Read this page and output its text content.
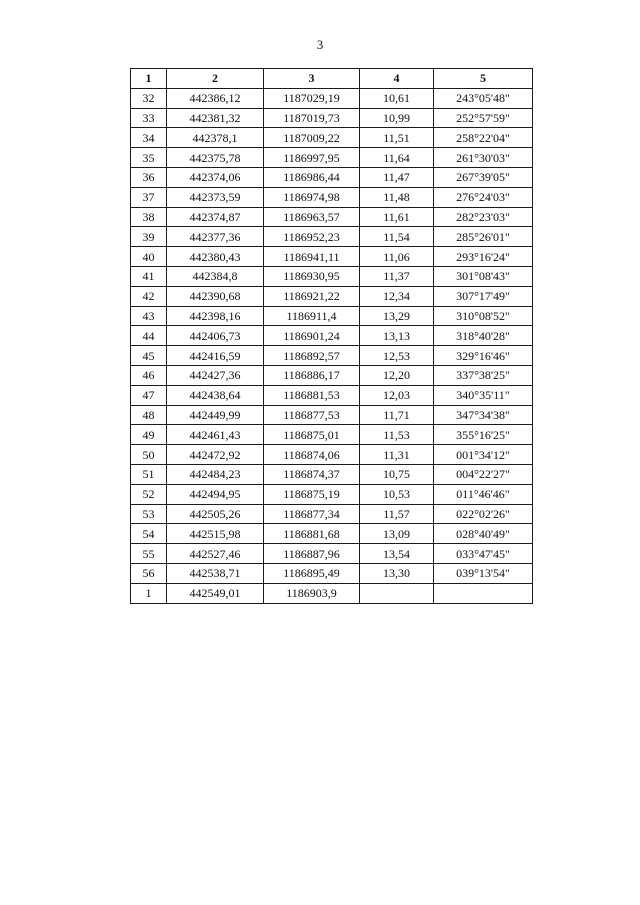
3
1	2	3	4	5
32	442386,12	1187029,19	10,61	243°05'48"
33	442381,32	1187019,73	10,99	252°57'59"
34	442378,1	1187009,22	11,51	258°22'04"
35	442375,78	1186997,95	11,64	261°30'03"
36	442374,06	1186986,44	11,47	267°39'05"
37	442373,59	1186974,98	11,48	276°24'03"
38	442374,87	1186963,57	11,61	282°23'03"
39	442377,36	1186952,23	11,54	285°26'01"
40	442380,43	1186941,11	11,06	293°16'24"
41	442384,8	1186930,95	11,37	301°08'43"
42	442390,68	1186921,22	12,34	307°17'49"
43	442398,16	1186911,4	13,29	310°08'52"
44	442406,73	1186901,24	13,13	318°40'28"
45	442416,59	1186892,57	12,53	329°16'46"
46	442427,36	1186886,17	12,20	337°38'25"
47	442438,64	1186881,53	12,03	340°35'11"
48	442449,99	1186877,53	11,71	347°34'38"
49	442461,43	1186875,01	11,53	355°16'25"
50	442472,92	1186874,06	11,31	001°34'12"
51	442484,23	1186874,37	10,75	004°22'27"
52	442494,95	1186875,19	10,53	011°46'46"
53	442505,26	1186877,34	11,57	022°02'26"
54	442515,98	1186881,68	13,09	028°40'49"
55	442527,46	1186887,96	13,54	033°47'45"
56	442538,71	1186895,49	13,30	039°13'54"
1	442549,01	1186903,9		
